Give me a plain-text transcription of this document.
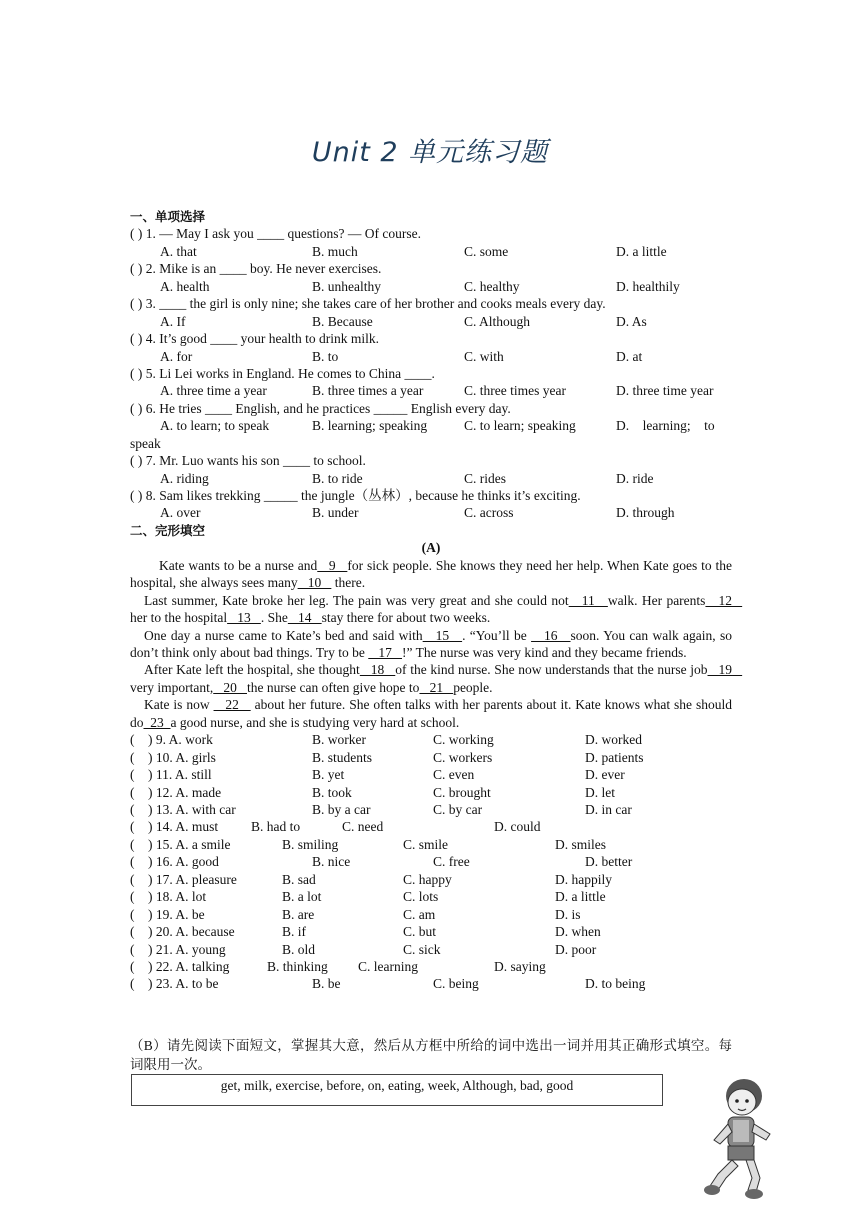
Unit 2 单元练习题
一、单项选择
( ) 1. — May I ask you ____ questions? — Of course.
A. that	B. much	C. some	D. a little
( ) 2. Mike is an ____ boy. He never exercises.
A. health	B. unhealthy	C. healthy	D. healthily
( ) 3. ____ the girl is only nine; she takes care of her brother and cooks meals every day.
A. If	B. Because	C. Although	D. As
( ) 4. It’s good ____ your health to drink milk.
A. for	B. to	C. with	D. at
( ) 5. Li Lei works in England. He comes to China ____.
A. three time a year	B. three times a year	C. three times year	D. three time year
( ) 6. He tries ____ English, and he practices _____ English every day.
A. to learn; to speak	B. learning; speaking	C. to learn; speaking	D.    learning;    to
speak
( ) 7. Mr. Luo wants his son ____ to school.
A. riding	B. to ride	C. rides	D. ride
( ) 8. Sam likes trekking _____ the jungle（丛林）, because he thinks it’s exciting.
A. over	B. under	C. across	D. through
二、完形填空
(A)
Kate wants to be a nurse and   9   for sick people. She knows they need her help. When Kate goes to the hospital, she always sees many   10    there.
Last summer, Kate broke her leg. The pain was very great and she could not   11   walk. Her parents   12   her to the hospital   13   . She   14   stay there for about two weeks.
One day a nurse came to Kate’s bed and said with   15   . “You’ll be    16   soon. You can walk again, so don’t think only about bad things. Try to be    17   !” The nurse was very kind and they became friends.
After Kate left the hospital, she thought   18   of the kind nurse. She now understands that the nurse job   19   very important,   20   the nurse can often give hope to   21   people.
Kate is now    22    about her future. She often talks with her parents about it. Kate knows what she should do  23  a good nurse, and she is studying very hard at school.
(    ) 9. A. work	B. worker	C. working	D. worked
(    ) 10. A. girls	B. students	C. workers	D. patients
(    ) 11. A. still	B. yet	C. even	D. ever
(    ) 12. A. made	B. took	C. brought	D. let
(    ) 13. A. with car	B. by a car	C. by car	D. in car
(    ) 14. A. must B. had to	C. need	D. could
(    ) 15. A. a smile	B. smiling	C. smile	D. smiles
(    ) 16. A. good	B. nice	C. free	D. better
(    ) 17. A. pleasure	B. sad	C. happy	D. happily
(    ) 18. A. lot	B. a lot	C. lots	D. a little
(    ) 19. A. be	B. are	C. am	D. is
(    ) 20. A. because	B. if	C. but	D. when
(    ) 21. A. young	B. old	C. sick	D. poor
(    ) 22. A. talking	B. thinking C. learning	D. saying
(    ) 23. A. to be	B. be	C. being	D. to being
（B）请先阅读下面短文，掌握其大意，然后从方框中所给的词中选出一词并用其正确形式填空。每词限用一次。
get, milk, exercise, before, on, eating, week, Although, bad, good
